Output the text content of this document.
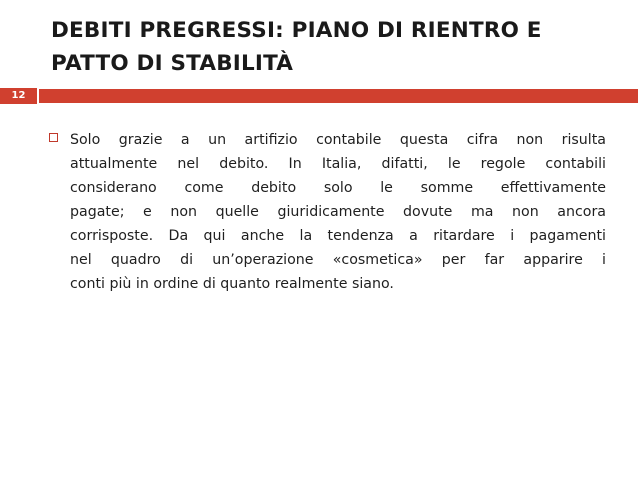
DEBITI PREGRESSI: PIANO DI RIENTRO E
PATTO DI STABILITÀ
12
Solo grazie a un artifizio contabile questa cifra non risulta
attualmente nel debito. In Italia, difatti, le regole contabili
considerano come debito solo le somme effettivamente
pagate; e non quelle giuridicamente dovute ma non ancora
corrisposte. Da qui anche la tendenza a ritardare i pagamenti
nel quadro di un’operazione «cosmetica» per far apparire i
conti più in ordine di quanto realmente siano.
